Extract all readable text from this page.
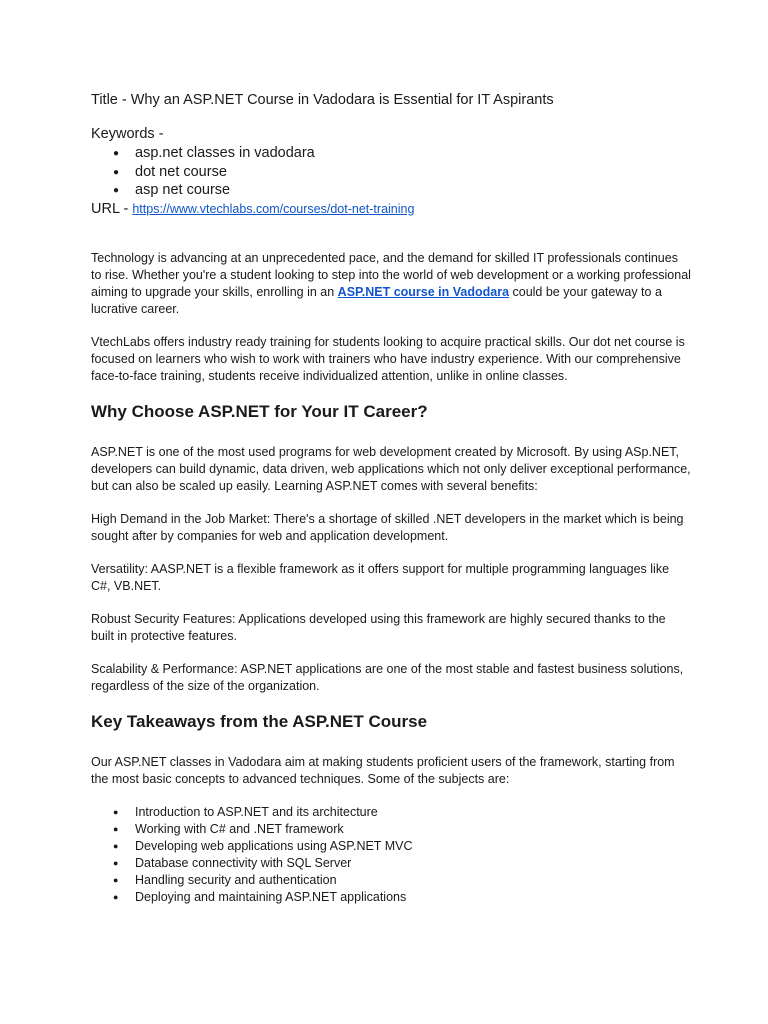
Title - Why an ASP.NET Course in Vadodara is Essential for IT Aspirants

Keywords -

● asp.net classes in vadodara
● dot net course
● asp net course

URL - https://www.vtechlabs.com/courses/dot-net-training

Technology is advancing at an unprecedented pace, and the demand for skilled IT professionals continues to rise. Whether you're a student looking to step into the world of web development or a working professional aiming to upgrade your skills, enrolling in an ASP.NET course in Vadodara could be your gateway to a lucrative career.

VtechLabs offers industry ready training for students looking to acquire practical skills. Our dot net course is focused on learners who wish to work with trainers who have industry experience. With our comprehensive face-to-face training, students receive individualized attention, unlike in online classes.

Why Choose ASP.NET for Your IT Career?

ASP.NET is one of the most used programs for web development created by Microsoft. By using ASp.NET, developers can build dynamic, data driven, web applications which not only deliver exceptional performance, but can also be scaled up easily. Learning ASP.NET comes with several benefits:

High Demand in the Job Market: There's a shortage of skilled .NET developers in the market which is being sought after by companies for web and application development.

Versatility: AASP.NET is a flexible framework as it offers support for multiple programming languages like C#, VB.NET.

Robust Security Features: Applications developed using this framework are highly secured thanks to the built in protective features.

Scalability & Performance: ASP.NET applications are one of the most stable and fastest business solutions, regardless of the size of the organization.

Key Takeaways from the ASP.NET Course

Our ASP.NET classes in Vadodara aim at making students proficient users of the framework, starting from the most basic concepts to advanced techniques. Some of the subjects are:

● Introduction to ASP.NET and its architecture
● Working with C# and .NET framework
● Developing web applications using ASP.NET MVC
● Database connectivity with SQL Server
● Handling security and authentication
● Deploying and maintaining ASP.NET applications
